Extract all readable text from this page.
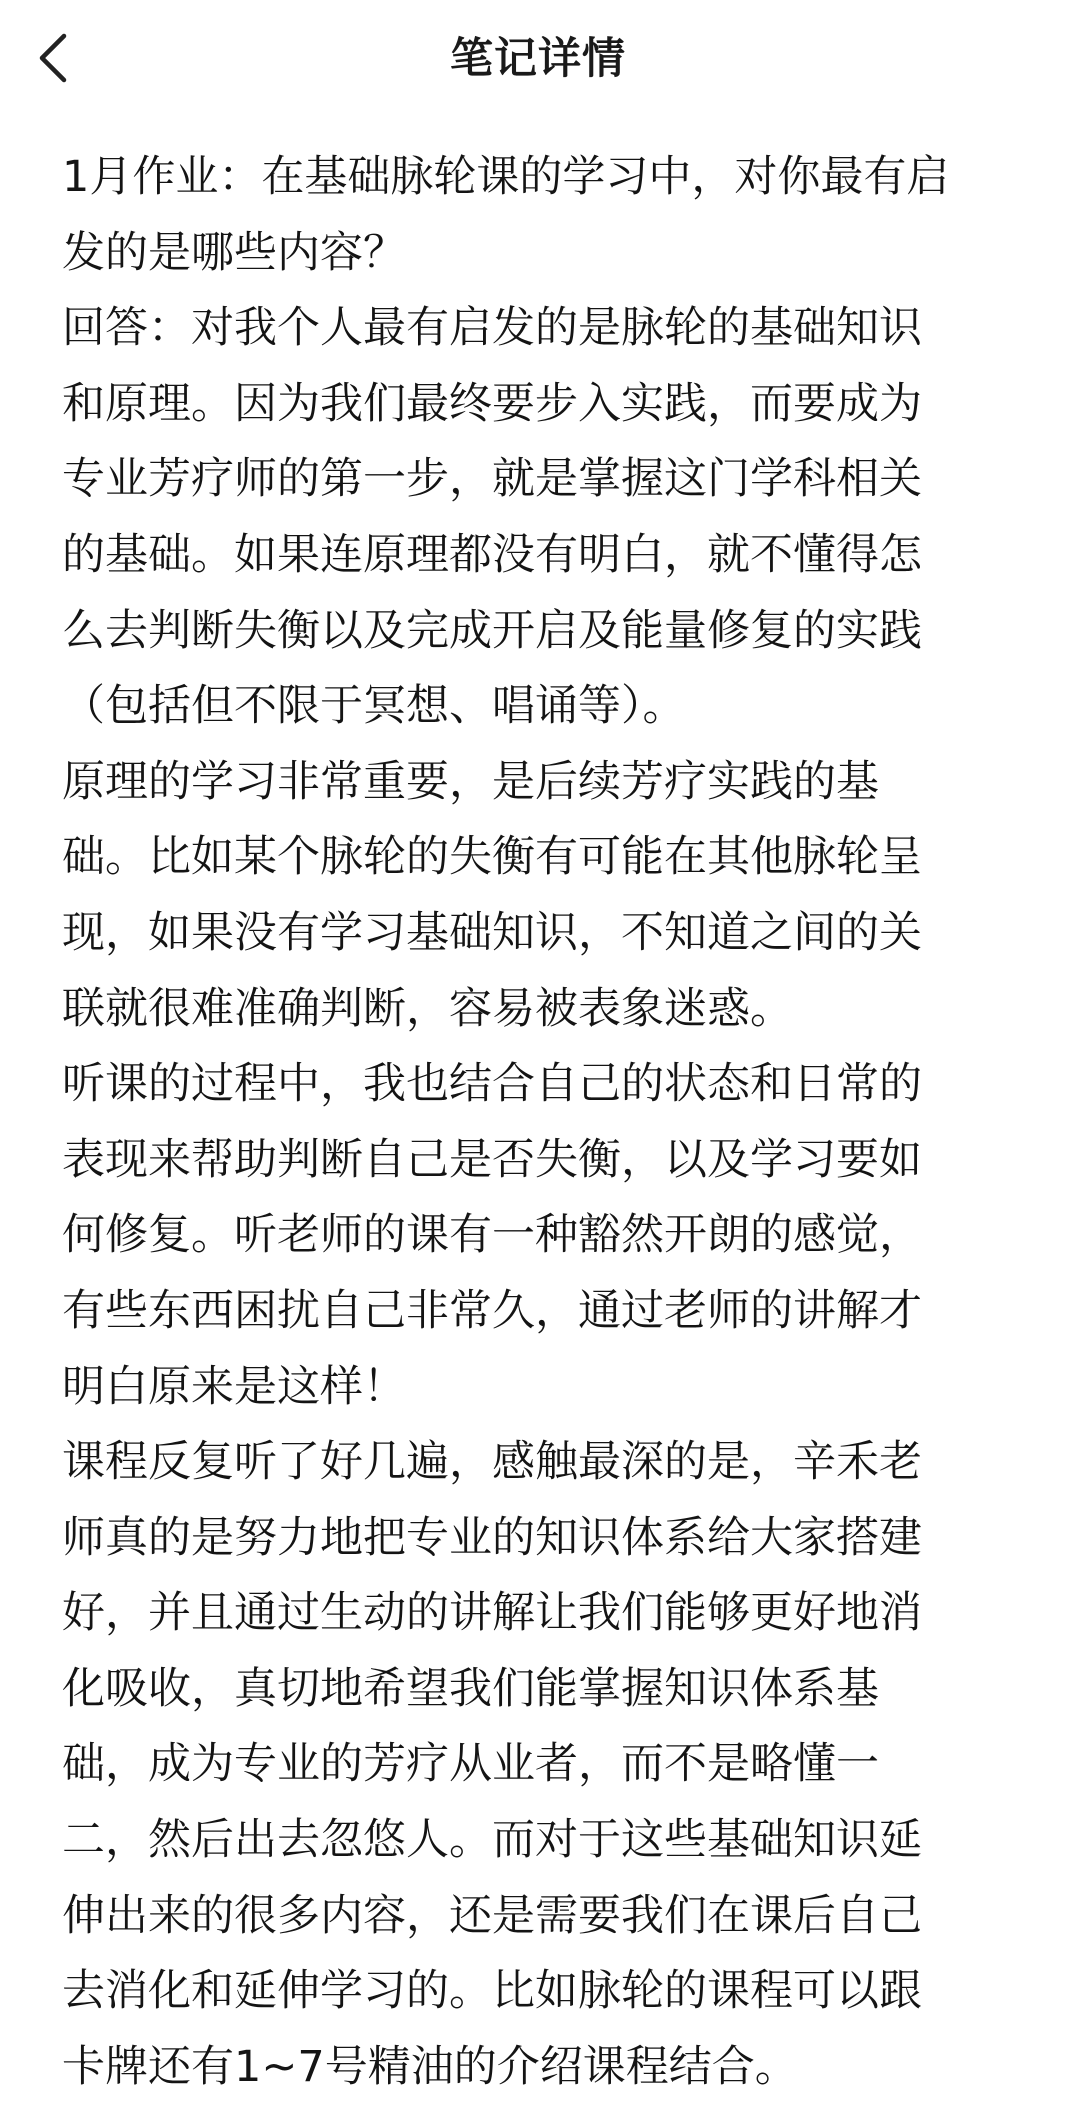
笔记详情

1月作业：在基础脉轮课的学习中，对你最有启
发的是哪些内容？

回答：对我个人最有启发的是脉轮的基础知识
和原理。因为我们最终要步入实践，而要成为
专业芳疗师的第一步，就是掌握这门学科相关
的基础。如果连原理都没有明白，就不懂得怎
么去判断失衡以及完成开启及能量修复的实践
（包括但不限于冥想、唱诵等）。

原理的学习非常重要，是后续芳疗实践的基
础。比如某个脉轮的失衡有可能在其他脉轮呈
现，如果没有学习基础知识，不知道之间的关
联就很难准确判断，容易被表象迷惑。

听课的过程中，我也结合自己的状态和日常的
表现来帮助判断自己是否失衡，以及学习要如
何修复。听老师的课有一种豁然开朗的感觉，
有些东西困扰自己非常久，通过老师的讲解才
明白原来是这样！

课程反复听了好几遍，感触最深的是，辛禾老
师真的是努力地把专业的知识体系给大家搭建
好，并且通过生动的讲解让我们能够更好地消
化吸收，真切地希望我们能掌握知识体系基
础，成为专业的芳疗从业者，而不是略懂一
二，然后出去忽悠人。而对于这些基础知识延
伸出来的很多内容，还是需要我们在课后自己
去消化和延伸学习的。比如脉轮的课程可以跟
卡牌还有1~7号精油的介绍课程结合。
